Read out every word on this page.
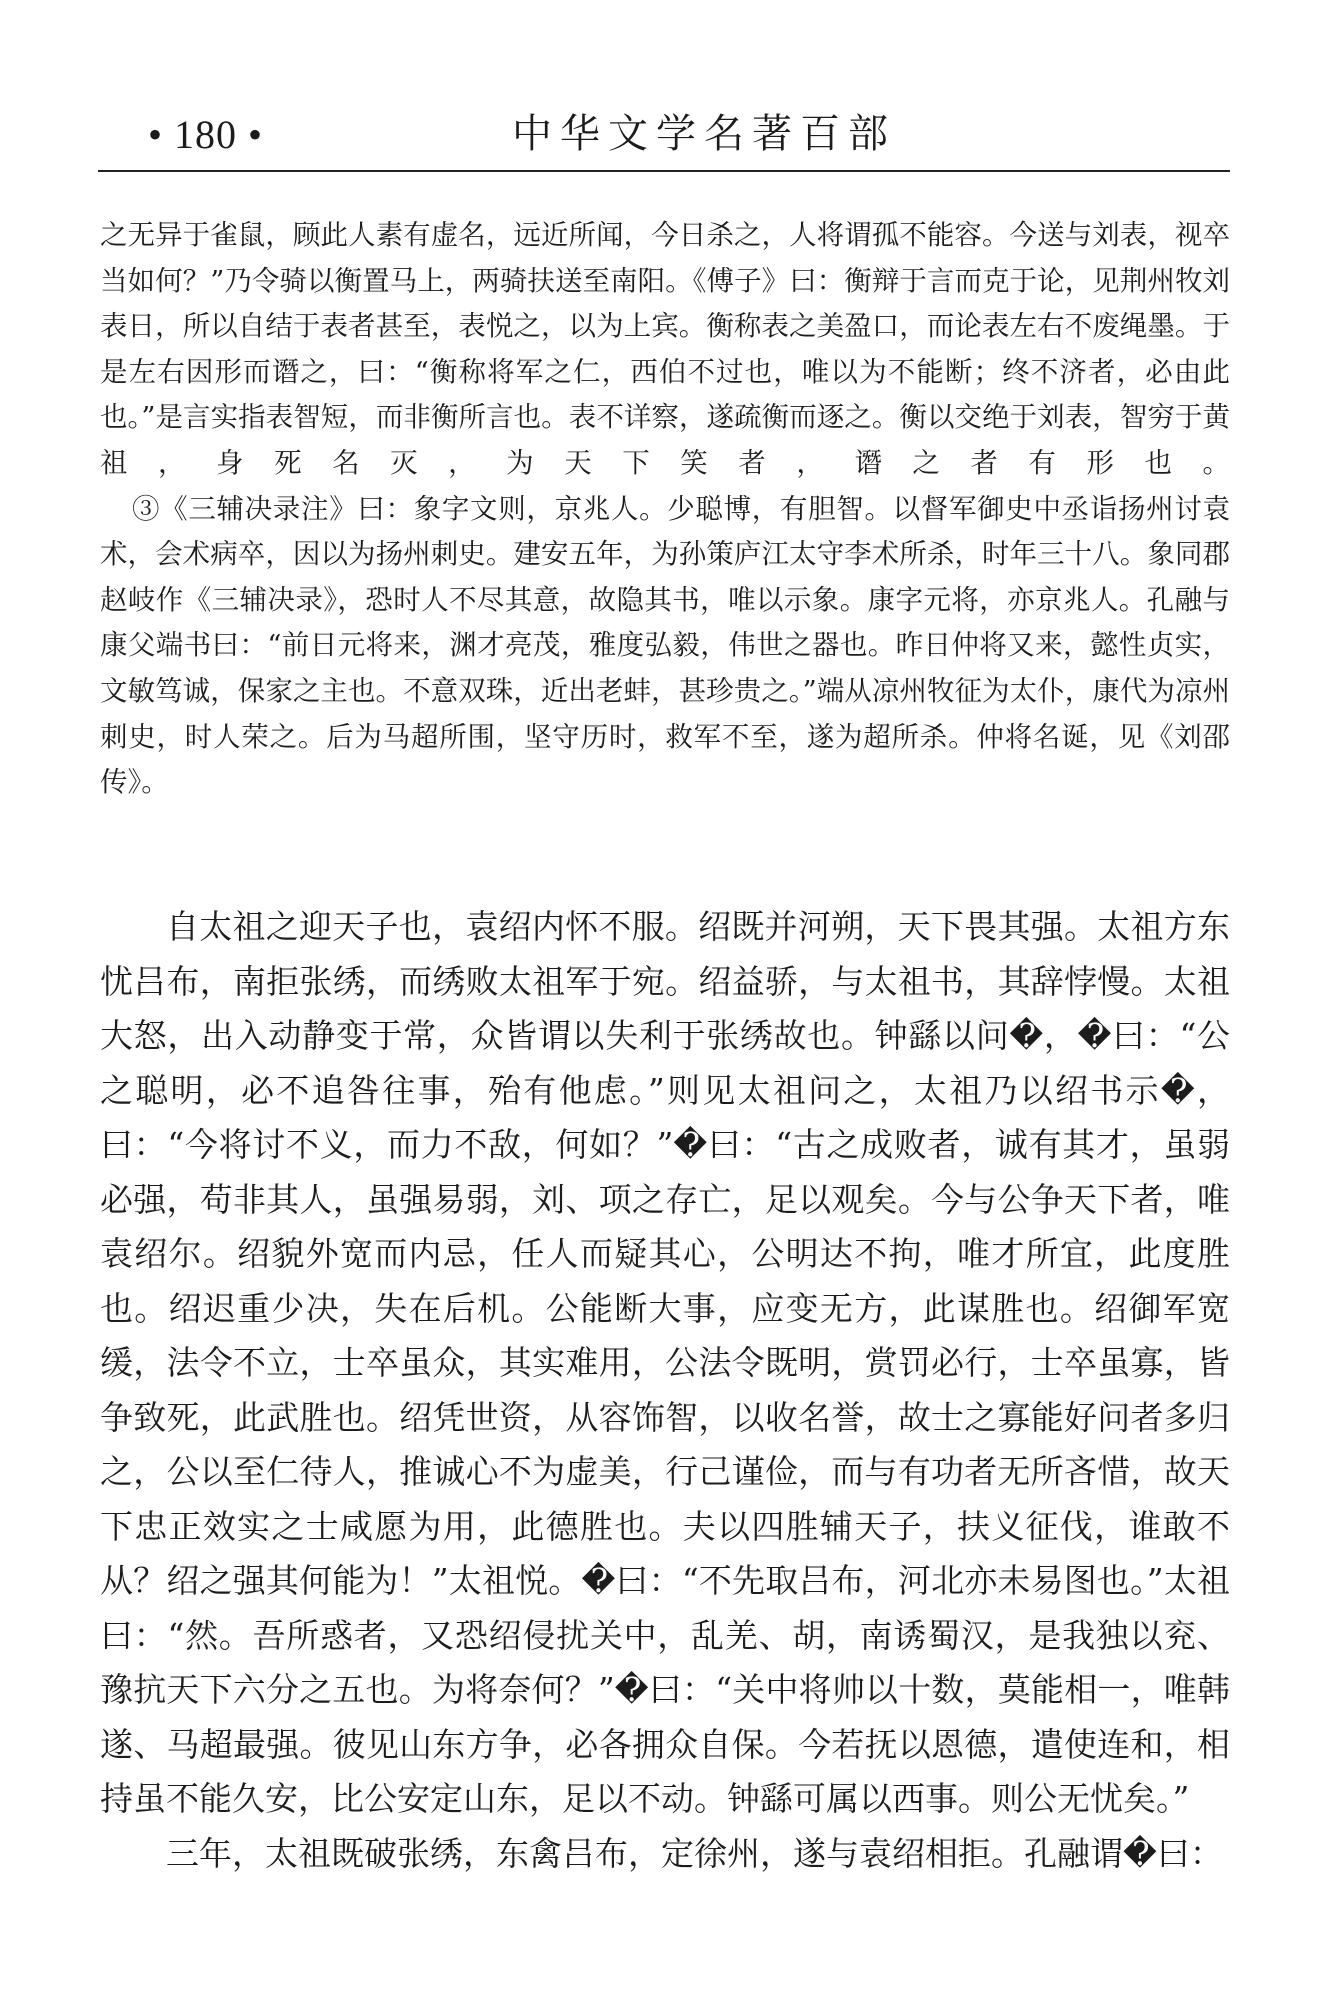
• 180 •	中华文学名著百部

之无异于雀鼠，顾此人素有虚名，远近所闻，今日杀之，人将谓孤不能容。今送与刘表，视卒当如何？”乃令骑以衡置马上，两骑扶送至南阳。《傅子》曰：衡辩于言而克于论，见荆州牧刘表日，所以自结于表者甚至，表悦之，以为上宾。衡称表之美盈口，而论表左右不废绳墨。于是左右因形而谮之，曰：“衡称将军之仁，西伯不过也，唯以为不能断；终不济者，必由此也。”是言实指表智短，而非衡所言也。表不详察，遂疏衡而逐之。衡以交绝于刘表，智穷于黄祖，身死名灭，为天下笑者，谮之者有形也。

③《三辅决录注》曰：象字文则，京兆人。少聪博，有胆智。以督军御史中丞诣扬州讨袁术，会术病卒，因以为扬州刺史。建安五年，为孙策庐江太守李术所杀，时年三十八。象同郡赵岐作《三辅决录》，恐时人不尽其意，故隐其书，唯以示象。康字元将，亦京兆人。孔融与康父端书曰：“前日元将来，渊才亮茂，雅度弘毅，伟世之器也。昨日仲将又来，懿性贞实，文敏笃诚，保家之主也。不意双珠，近出老蚌，甚珍贵之。”端从凉州牧征为太仆，康代为凉州刺史，时人荣之。后为马超所围，坚守历时，救军不至，遂为超所杀。仲将名诞，见《刘邵传》。

自太祖之迎天子也，袁绍内怀不服。绍既并河朔，天下畏其强。太祖方东忧吕布，南拒张绣，而绣败太祖军于宛。绍益骄，与太祖书，其辞悖慢。太祖大怒，出入动静变于常，众皆谓以失利于张绣故也。钟繇以问�，�曰：“公之聪明，必不追咎往事，殆有他虑。”则见太祖问之，太祖乃以绍书示�，曰：“今将讨不义，而力不敌，何如？”�曰：“古之成败者，诚有其才，虽弱必强，苟非其人，虽强易弱，刘、项之存亡，足以观矣。今与公争天下者，唯袁绍尔。绍貌外宽而内忌，任人而疑其心，公明达不拘，唯才所宜，此度胜也。绍迟重少决，失在后机。公能断大事，应变无方，此谋胜也。绍御军宽缓，法令不立，士卒虽众，其实难用，公法令既明，赏罚必行，士卒虽寡，皆争致死，此武胜也。绍凭世资，从容饰智，以收名誉，故士之寡能好问者多归之，公以至仁待人，推诚心不为虚美，行己谨俭，而与有功者无所吝惜，故天下忠正效实之士咸愿为用，此德胜也。夫以四胜辅天子，扶义征伐，谁敢不从？绍之强其何能为！”太祖悦。�曰：“不先取吕布，河北亦未易图也。”太祖曰：“然。吾所惑者，又恐绍侵扰关中，乱羌、胡，南诱蜀汉，是我独以兖、豫抗天下六分之五也。为将奈何？”�曰：“关中将帅以十数，莫能相一，唯韩遂、马超最强。彼见山东方争，必各拥众自保。今若抚以恩德，遣使连和，相持虽不能久安，比公安定山东，足以不动。钟繇可属以西事。则公无忧矣。”

三年，太祖既破张绣，东禽吕布，定徐州，遂与袁绍相拒。孔融谓�曰：
